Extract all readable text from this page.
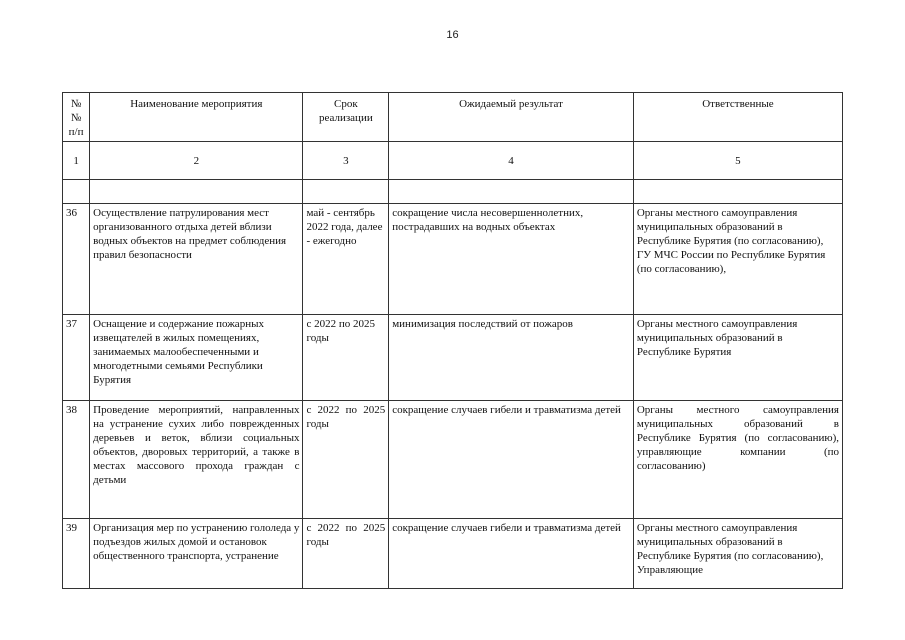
16
№№ п/п	Наименование мероприятия	Срок реализации	Ожидаемый результат	Ответственные
1	2	3	4	5

36	Осуществление патрулирования мест организованного отдыха детей вблизи водных объектов на предмет соблюдения правил безопасности	май - сентябрь 2022 года, далее - ежегодно	сокращение числа несовершеннолетних, пострадавших на водных объектах	Органы местного самоуправления муниципальных образований в Республике Бурятия (по согласованию), ГУ МЧС России по Республике Бурятия (по согласованию),
37	Оснащение и содержание пожарных извещателей в жилых помещениях, занимаемых малообеспеченными и многодетными семьями Республики Бурятия	с 2022 по 2025 годы	минимизация последствий от пожаров	Органы местного самоуправления муниципальных образований в Республике Бурятия
38	Проведение мероприятий, направленных на устранение сухих либо поврежденных деревьев и веток, вблизи социальных объектов, дворовых территорий, а также в местах массового прохода граждан с детьми	с 2022 по 2025 годы	сокращение случаев гибели и травматизма детей	Органы местного самоуправления муниципальных образований в Республике Бурятия (по согласованию), управляющие компании (по согласованию)
39	Организация мер по устранению гололеда у подъездов жилых домой и остановок общественного транспорта, устранение	с 2022 по 2025 годы	сокращение случаев гибели и травматизма детей	Органы местного самоуправления муниципальных образований в Республике Бурятия (по согласованию), Управляющие
